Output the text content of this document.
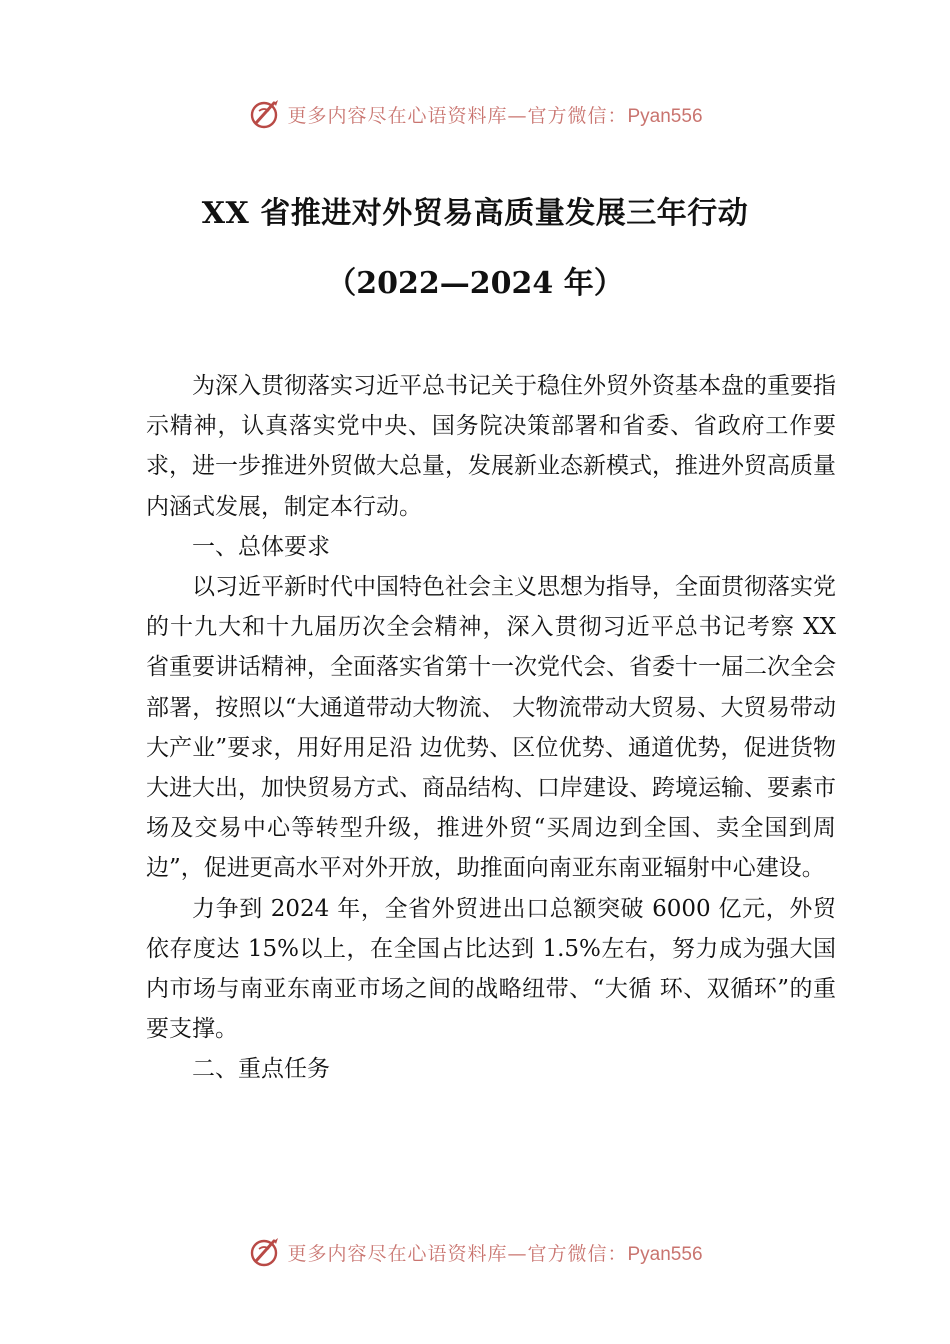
更多内容尽在心语资料库—官方微信：Pyan556
XX 省推进对外贸易高质量发展三年行动
（2022—2024 年）

为深入贯彻落实习近平总书记关于稳住外贸外资基本盘的重要指示精神，认真落实党中央、国务院决策部署和省委、省政府工作要求，进一步推进外贸做大总量，发展新业态新模式，推进外贸高质量内涵式发展，制定本行动。

一、总体要求

以习近平新时代中国特色社会主义思想为指导，全面贯彻落实党的十九大和十九届历次全会精神，深入贯彻习近平总书记考察 XX 省重要讲话精神，全面落实省第十一次党代会、省委十一届二次全会部署，按照以“大通道带动大物流、 大物流带动大贸易、大贸易带动大产业”要求，用好用足沿 边优势、区位优势、通道优势，促进货物大进大出，加快贸易方式、商品结构、口岸建设、跨境运输、要素市场及交易中心等转型升级，推进外贸“买周边到全国、卖全国到周边”，促进更高水平对外开放，助推面向南亚东南亚辐射中心建设。

力争到 2024 年，全省外贸进出口总额突破 6000 亿元，外贸依存度达 15%以上，在全国占比达到 1.5%左右，努力成为强大国内市场与南亚东南亚市场之间的战略纽带、“大循 环、双循环”的重要支撑。

二、重点任务

更多内容尽在心语资料库—官方微信：Pyan556
